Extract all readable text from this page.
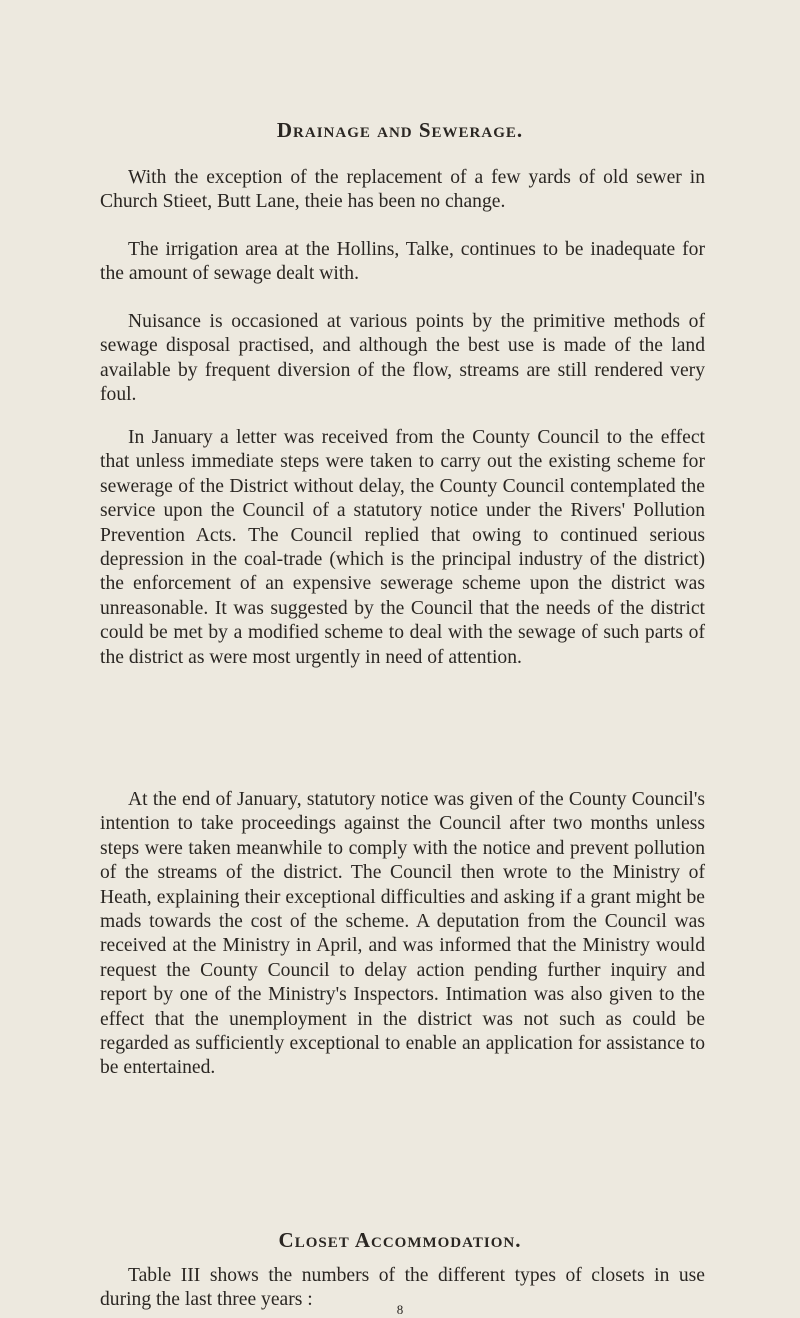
Drainage and Sewerage.

With the exception of the replacement of a few yards of old sewer in Church Stieet, Butt Lane, theie has been no change.

The irrigation area at the Hollins, Talke, continues to be inadequate for the amount of sewage dealt with.

Nuisance is occasioned at various points by the primitive methods of sewage disposal practised, and although the best use is made of the land available by frequent diversion of the flow, streams are still rendered very foul.

In January a letter was received from the County Council to the effect that unless immediate steps were taken to carry out the existing scheme for sewerage of the District without delay, the County Council contemplated the service upon the Council of a statutory notice under the Rivers' Pollution Prevention Acts. The Council replied that owing to continued serious depression in the coal-trade (which is the principal industry of the district) the enforcement of an expensive sewerage scheme upon the district was unreasonable. It was suggested by the Council that the needs of the district could be met by a modified scheme to deal with the sewage of such parts of the district as were most urgently in need of attention.

At the end of January, statutory notice was given of the County Council's intention to take proceedings against the Council after two months unless steps were taken meanwhile to comply with the notice and prevent pollution of the streams of the district. The Council then wrote to the Ministry of Heath, explaining their exceptional difficulties and asking if a grant might be mads towards the cost of the scheme. A deputation from the Council was received at the Ministry in April, and was informed that the Ministry would request the County Council to delay action pending further inquiry and report by one of the Ministry's Inspectors. Intimation was also given to the effect that the unemployment in the district was not such as could be regarded as sufficiently exceptional to enable an application for assistance to be entertained.

Closet Accommodation.

Table III shows the numbers of the different types of closets in use during the last three years :	8
